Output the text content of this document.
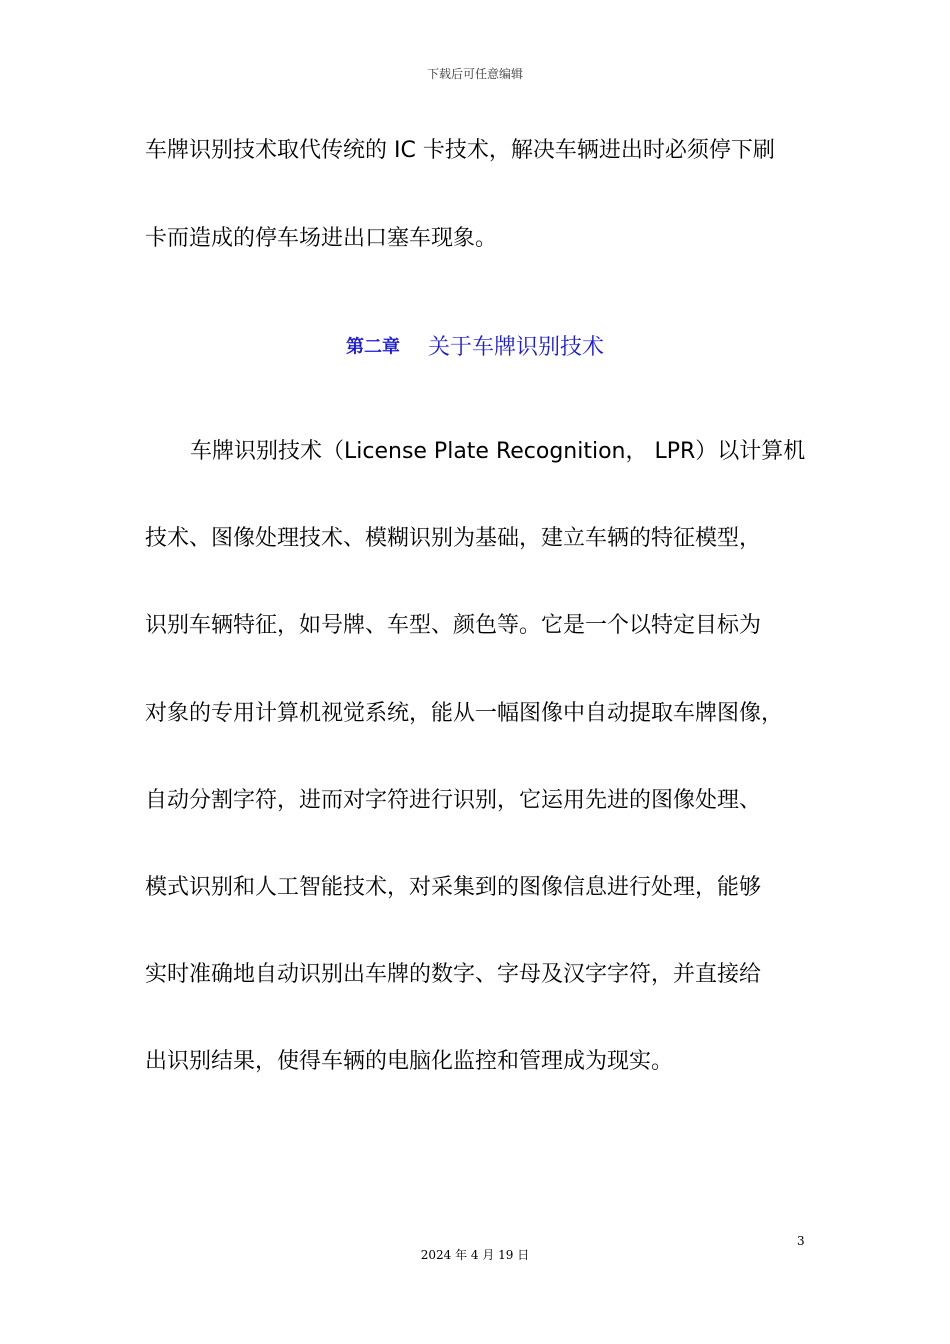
下载后可任意编辑
车牌识别技术取代传统的 IC 卡技术，解决车辆进出时必须停下刷
卡而造成的停车场进出口塞车现象。
第二章 关于车牌识别技术
车牌识别技术（License Plate Recognition， LPR）以计算机
技术、图像处理技术、模糊识别为基础，建立车辆的特征模型，
识别车辆特征，如号牌、车型、颜色等。它是一个以特定目标为
对象的专用计算机视觉系统，能从一幅图像中自动提取车牌图像，
自动分割字符，进而对字符进行识别，它运用先进的图像处理、
模式识别和人工智能技术，对采集到的图像信息进行处理，能够
实时准确地自动识别出车牌的数字、字母及汉字字符，并直接给
出识别结果，使得车辆的电脑化监控和管理成为现实。
3
2024 年 4 月 19 日
